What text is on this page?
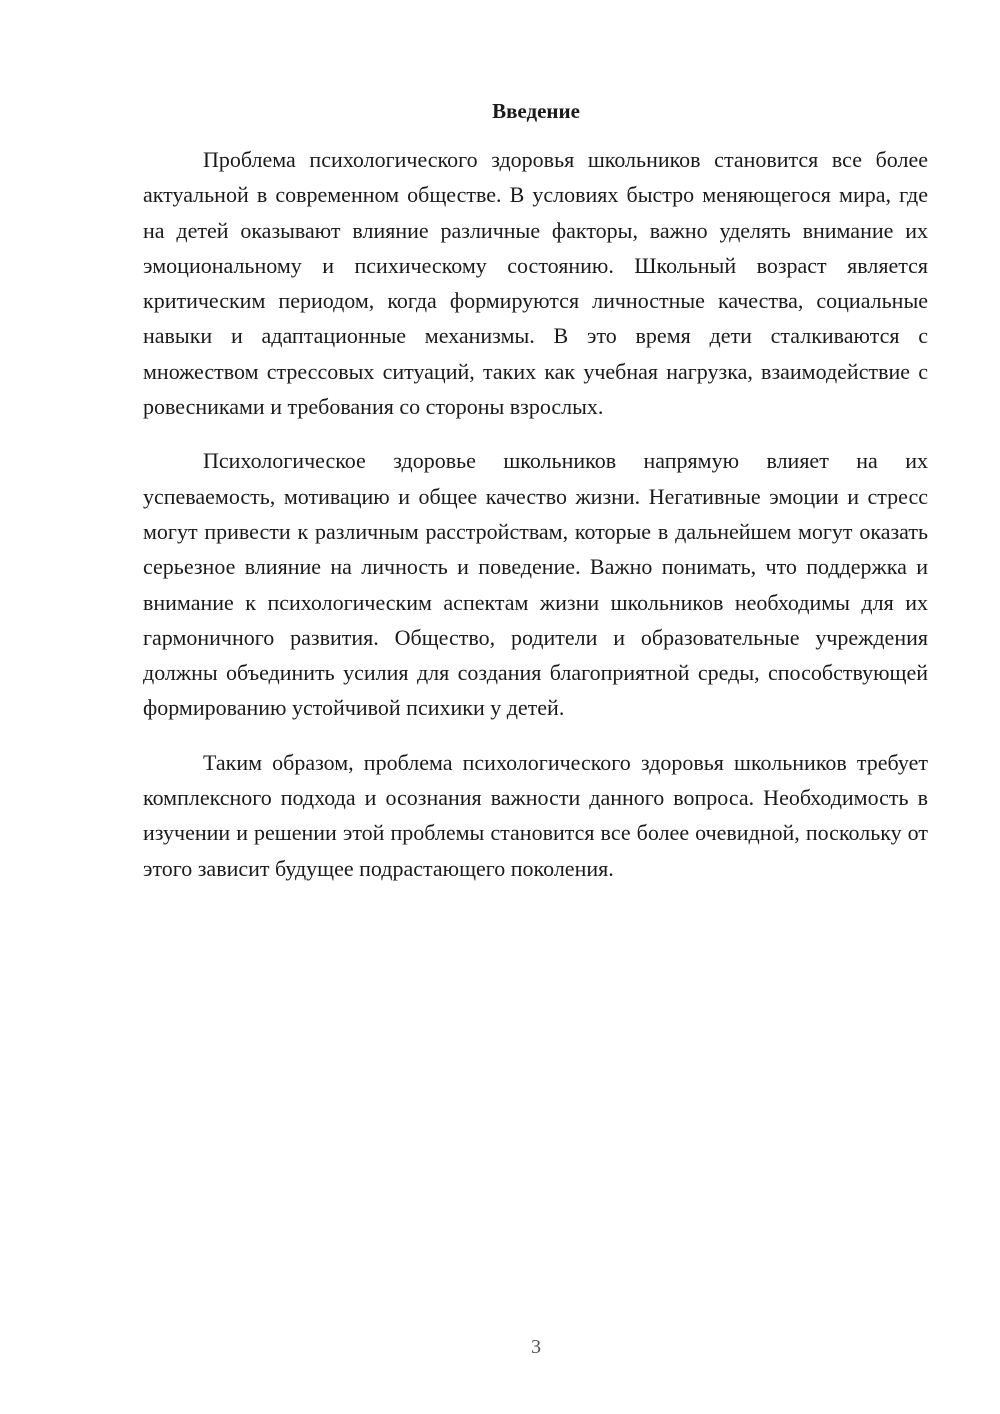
Введение

Проблема психологического здоровья школьников становится все более актуальной в современном обществе. В условиях быстро меняющегося мира, где на детей оказывают влияние различные факторы, важно уделять внимание их эмоциональному и психическому состоянию. Школьный возраст является критическим периодом, когда формируются личностные качества, социальные навыки и адаптационные механизмы. В это время дети сталкиваются с множеством стрессовых ситуаций, таких как учебная нагрузка, взаимодействие с ровесниками и требования со стороны взрослых.

Психологическое здоровье школьников напрямую влияет на их успеваемость, мотивацию и общее качество жизни. Негативные эмоции и стресс могут привести к различным расстройствам, которые в дальнейшем могут оказать серьезное влияние на личность и поведение. Важно понимать, что поддержка и внимание к психологическим аспектам жизни школьников необходимы для их гармоничного развития. Общество, родители и образовательные учреждения должны объединить усилия для создания благоприятной среды, способствующей формированию устойчивой психики у детей.

Таким образом, проблема психологического здоровья школьников требует комплексного подхода и осознания важности данного вопроса. Необходимость в изучении и решении этой проблемы становится все более очевидной, поскольку от этого зависит будущее подрастающего поколения.

3
